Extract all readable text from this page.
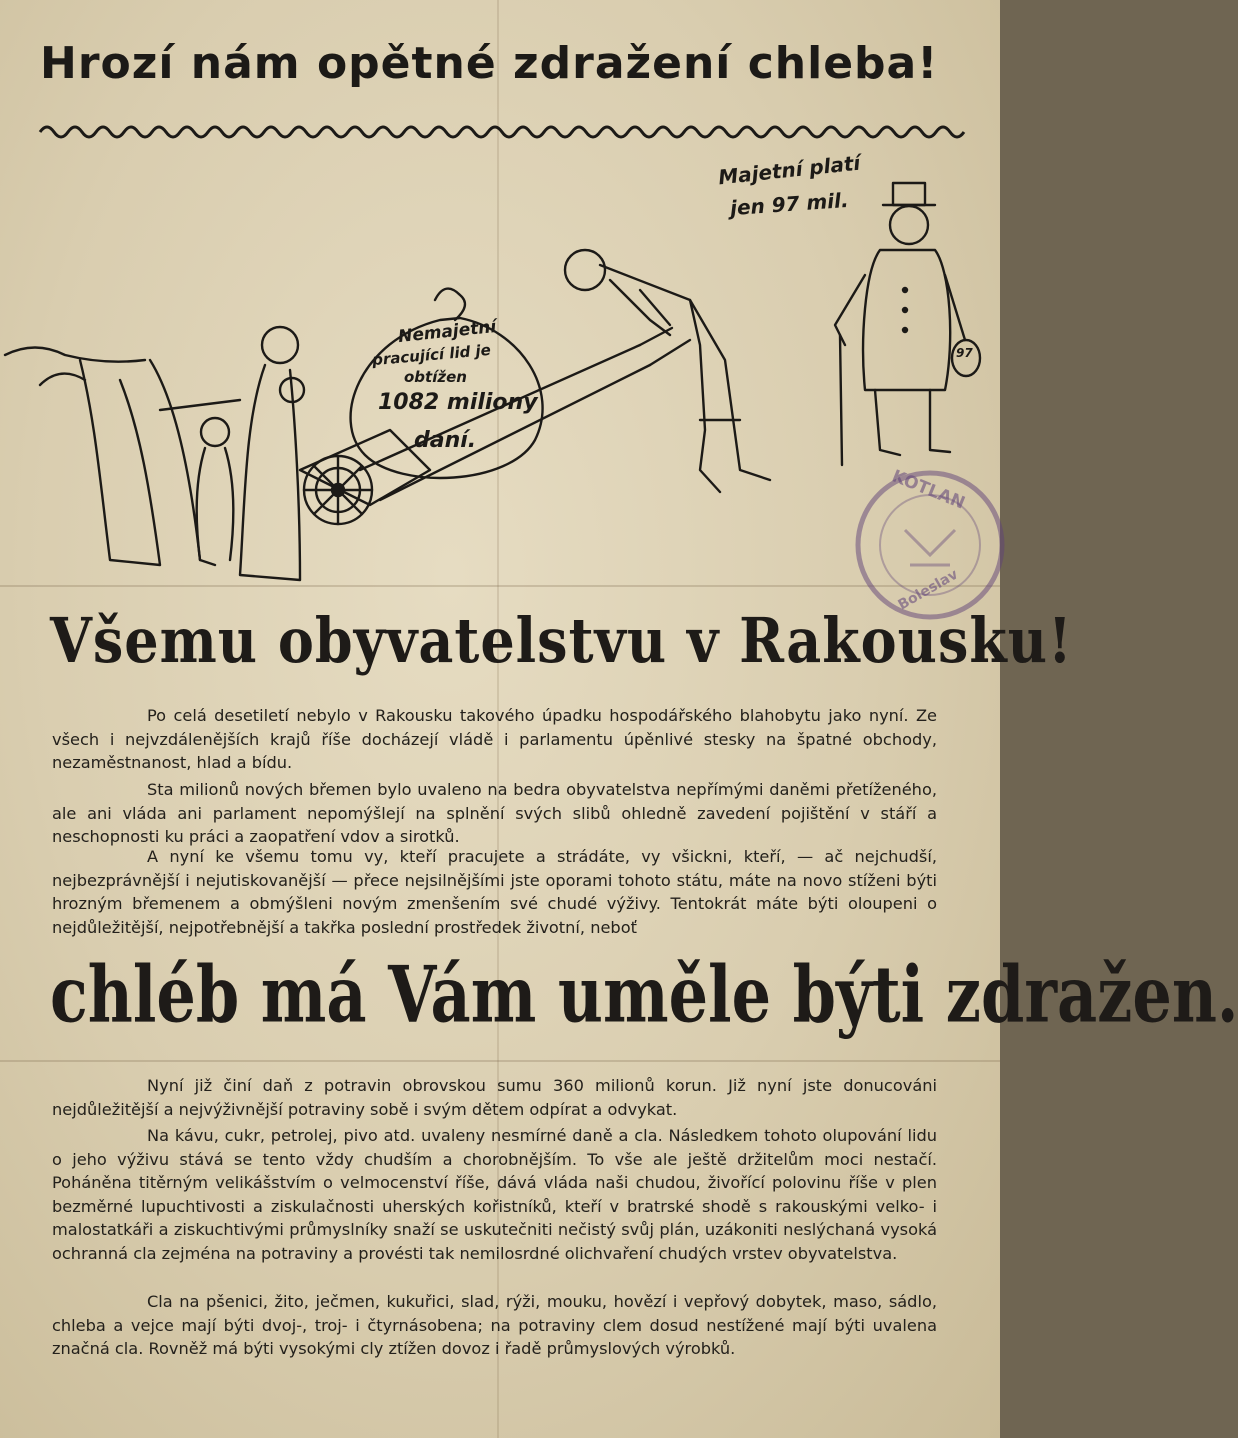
Hrozí nám opětné zdražení chleba!
Majetní platí
jen 97 mil.
97
Nemajetní
pracující lid je
obtížen
1082 miliony
daní.
KOTLAN
Boleslav
Všemu obyvatelstvu v Rakousku!
Po celá desetiletí nebylo v Rakousku takového úpadku hospodářského blahobytu jako nyní. Ze všech i nejvzdálenějších krajů říše docházejí vládě i parlamentu úpěnlivé stesky na špatné obchody, nezaměstnanost, hlad a bídu.
Sta milionů nových břemen bylo uvaleno na bedra obyvatelstva nepřímými daněmi přetíženého, ale ani vláda ani parlament nepomýšlejí na splnění svých slibů ohledně zavedení pojištění v stáří a neschopnosti ku práci a zaopatření vdov a sirotků.
A nyní ke všemu tomu vy, kteří pracujete a strádáte, vy všickni, kteří, — ač nejchudší, nejbezprávnější i nejutiskovanější — přece nejsilnějšími jste oporami tohoto státu, máte na novo stíženi býti hrozným břemenem a obmýšleni novým zmenšením své chudé výživy. Tentokrát máte býti oloupeni o nejdůležitější, nejpotřebnější a takřka poslední prostředek životní, neboť
chléb má Vám uměle býti zdražen.
Nyní již činí daň z potravin obrovskou sumu 360 milionů korun. Již nyní jste donucováni nejdůležitější a nejvýživnější potraviny sobě i svým dětem odpírat a odvykat.
Na kávu, cukr, petrolej, pivo atd. uvaleny nesmírné daně a cla. Následkem tohoto olupování lidu o jeho výživu stává se tento vždy chudším a chorobnějším. To vše ale ještě držitelům moci nestačí. Poháněna titěrným velikášstvím o velmocenství říše, dává vláda naši chudou, živořící polovinu říše v plen bezměrné lupuchtivosti a ziskulačnosti uherských kořistníků, kteří v bratrské shodě s rakouskými velko- i malostatkáři a ziskuchtivými průmyslníky snaží se uskutečniti nečistý svůj plán, uzákoniti neslýchaná vysoká ochranná cla zejména na potraviny a provésti tak nemilosrdné olichvaření chudých vrstev obyvatelstva.
Cla na pšenici, žito, ječmen, kukuřici, slad, rýži, mouku, hovězí i vepřový dobytek, maso, sádlo, chleba a vejce mají býti dvoj-, troj- i čtyrnásobena; na potraviny clem dosud nestížené mají býti uvalena značná cla. Rovněž má býti vysokými cly ztížen dovoz i řadě průmyslových výrobků.
